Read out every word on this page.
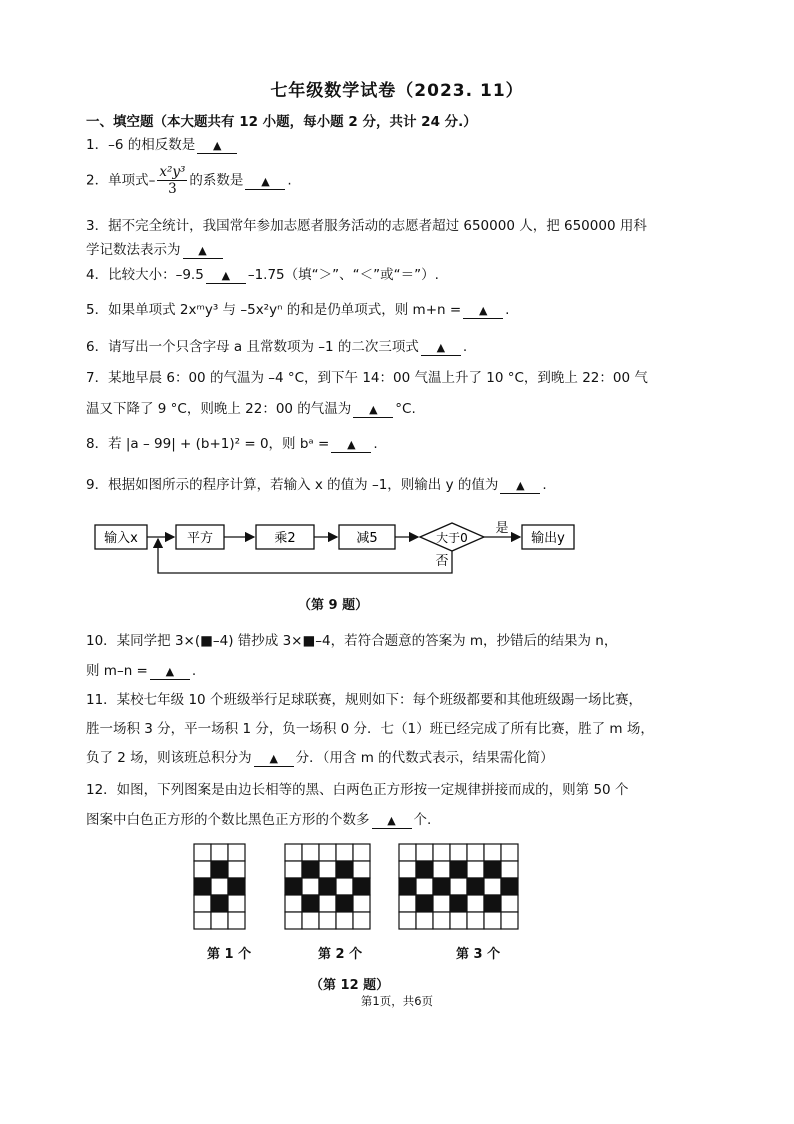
七年级数学试卷（2023. 11）
一、填空题（本大题共有 12 小题，每小题 2 分，共计 24 分.）
1．–6 的相反数是 ▲
2．单项式– $\frac{\text{x²y³}}{3}$ 的系数是 ▲ .
3．据不完全统计，我国常年参加志愿者服务活动的志愿者超过 650000 人，把 650000 用科
学记数法表示为 ▲
4．比较大小：–9.5 ▲ –1.75（填“＞”、“＜”或“＝”）.
5．如果单项式 2xᵐy³ 与 –5x²yⁿ 的和是仍单项式，则 m+n = ▲ .
6．请写出一个只含字母 a 且常数项为 –1 的二次三项式 ▲ .
7．某地早晨 6：00 的气温为 –4 °C，到下午 14：00 气温上升了 10 °C，到晚上 22：00 气
温又下降了 9 °C，则晚上 22：00 的气温为 ▲ °C.
8．若 |a – 99| + (b+1)² = 0，则 bᵃ = ▲ .
9．根据如图所示的程序计算，若输入 x 的值为 –1，则输出 y 的值为 ▲ .
输入x	平方	乘2	减5	大于0
是
输出y
否
（第 9 题）
10．某同学把 3×(■–4) 错抄成 3×■–4，若符合题意的答案为 m，抄错后的结果为 n，
则 m–n = ▲ .
11．某校七年级 10 个班级举行足球联赛，规则如下：每个班级都要和其他班级踢一场比赛，
胜一场积 3 分，平一场积 1 分，负一场积 0 分．七（1）班已经完成了所有比赛，胜了 m 场，
负了 2 场，则该班总积分为 ▲ 分．（用含 m 的代数式表示，结果需化简）
12．如图，下列图案是由边长相等的黑、白两色正方形按一定规律拼接而成的，则第 50 个
图案中白色正方形的个数比黑色正方形的个数多 ▲ 个.
第 1 个	第 2 个	第 3 个
（第 12 题）
第1页，共6页
